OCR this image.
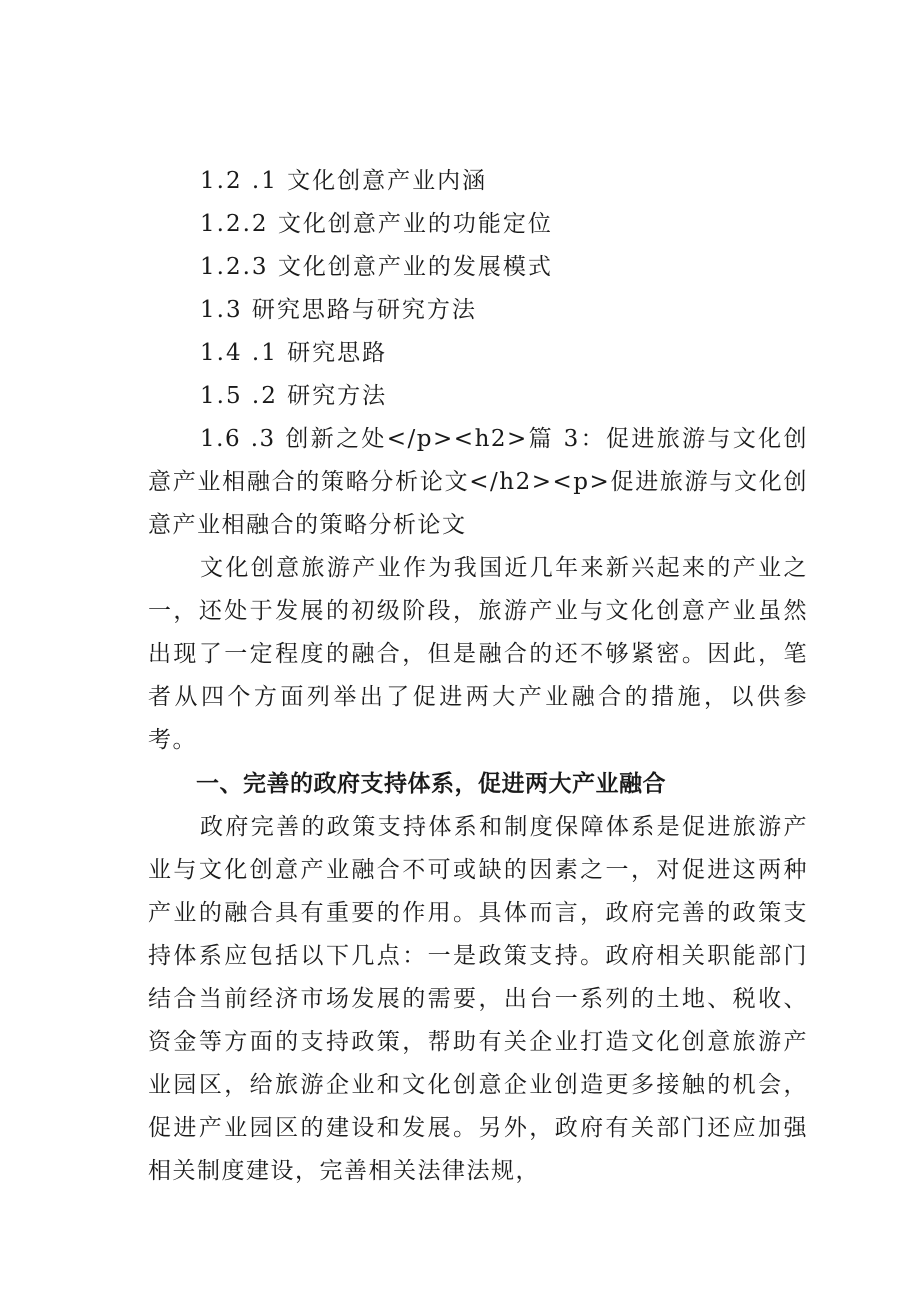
1.2 .1 文化创意产业内涵

1.2.2 文化创意产业的功能定位

1.2.3 文化创意产业的发展模式

1.3 研究思路与研究方法

1.4 .1 研究思路

1.5 .2 研究方法

1.6 .3 创新之处</p><h2>篇 3：促进旅游与文化创意产业相融合的策略分析论文</h2><p>促进旅游与文化创意产业相融合的策略分析论文

文化创意旅游产业作为我国近几年来新兴起来的产业之一，还处于发展的初级阶段，旅游产业与文化创意产业虽然出现了一定程度的融合，但是融合的还不够紧密。因此，笔者从四个方面列举出了促进两大产业融合的措施，以供参考。

一、完善的政府支持体系，促进两大产业融合

政府完善的政策支持体系和制度保障体系是促进旅游产业与文化创意产业融合不可或缺的因素之一，对促进这两种产业的融合具有重要的作用。具体而言，政府完善的政策支持体系应包括以下几点：一是政策支持。政府相关职能部门结合当前经济市场发展的需要，出台一系列的土地、税收、资金等方面的支持政策，帮助有关企业打造文化创意旅游产业园区，给旅游企业和文化创意企业创造更多接触的机会，促进产业园区的建设和发展。另外，政府有关部门还应加强相关制度建设，完善相关法律法规，
